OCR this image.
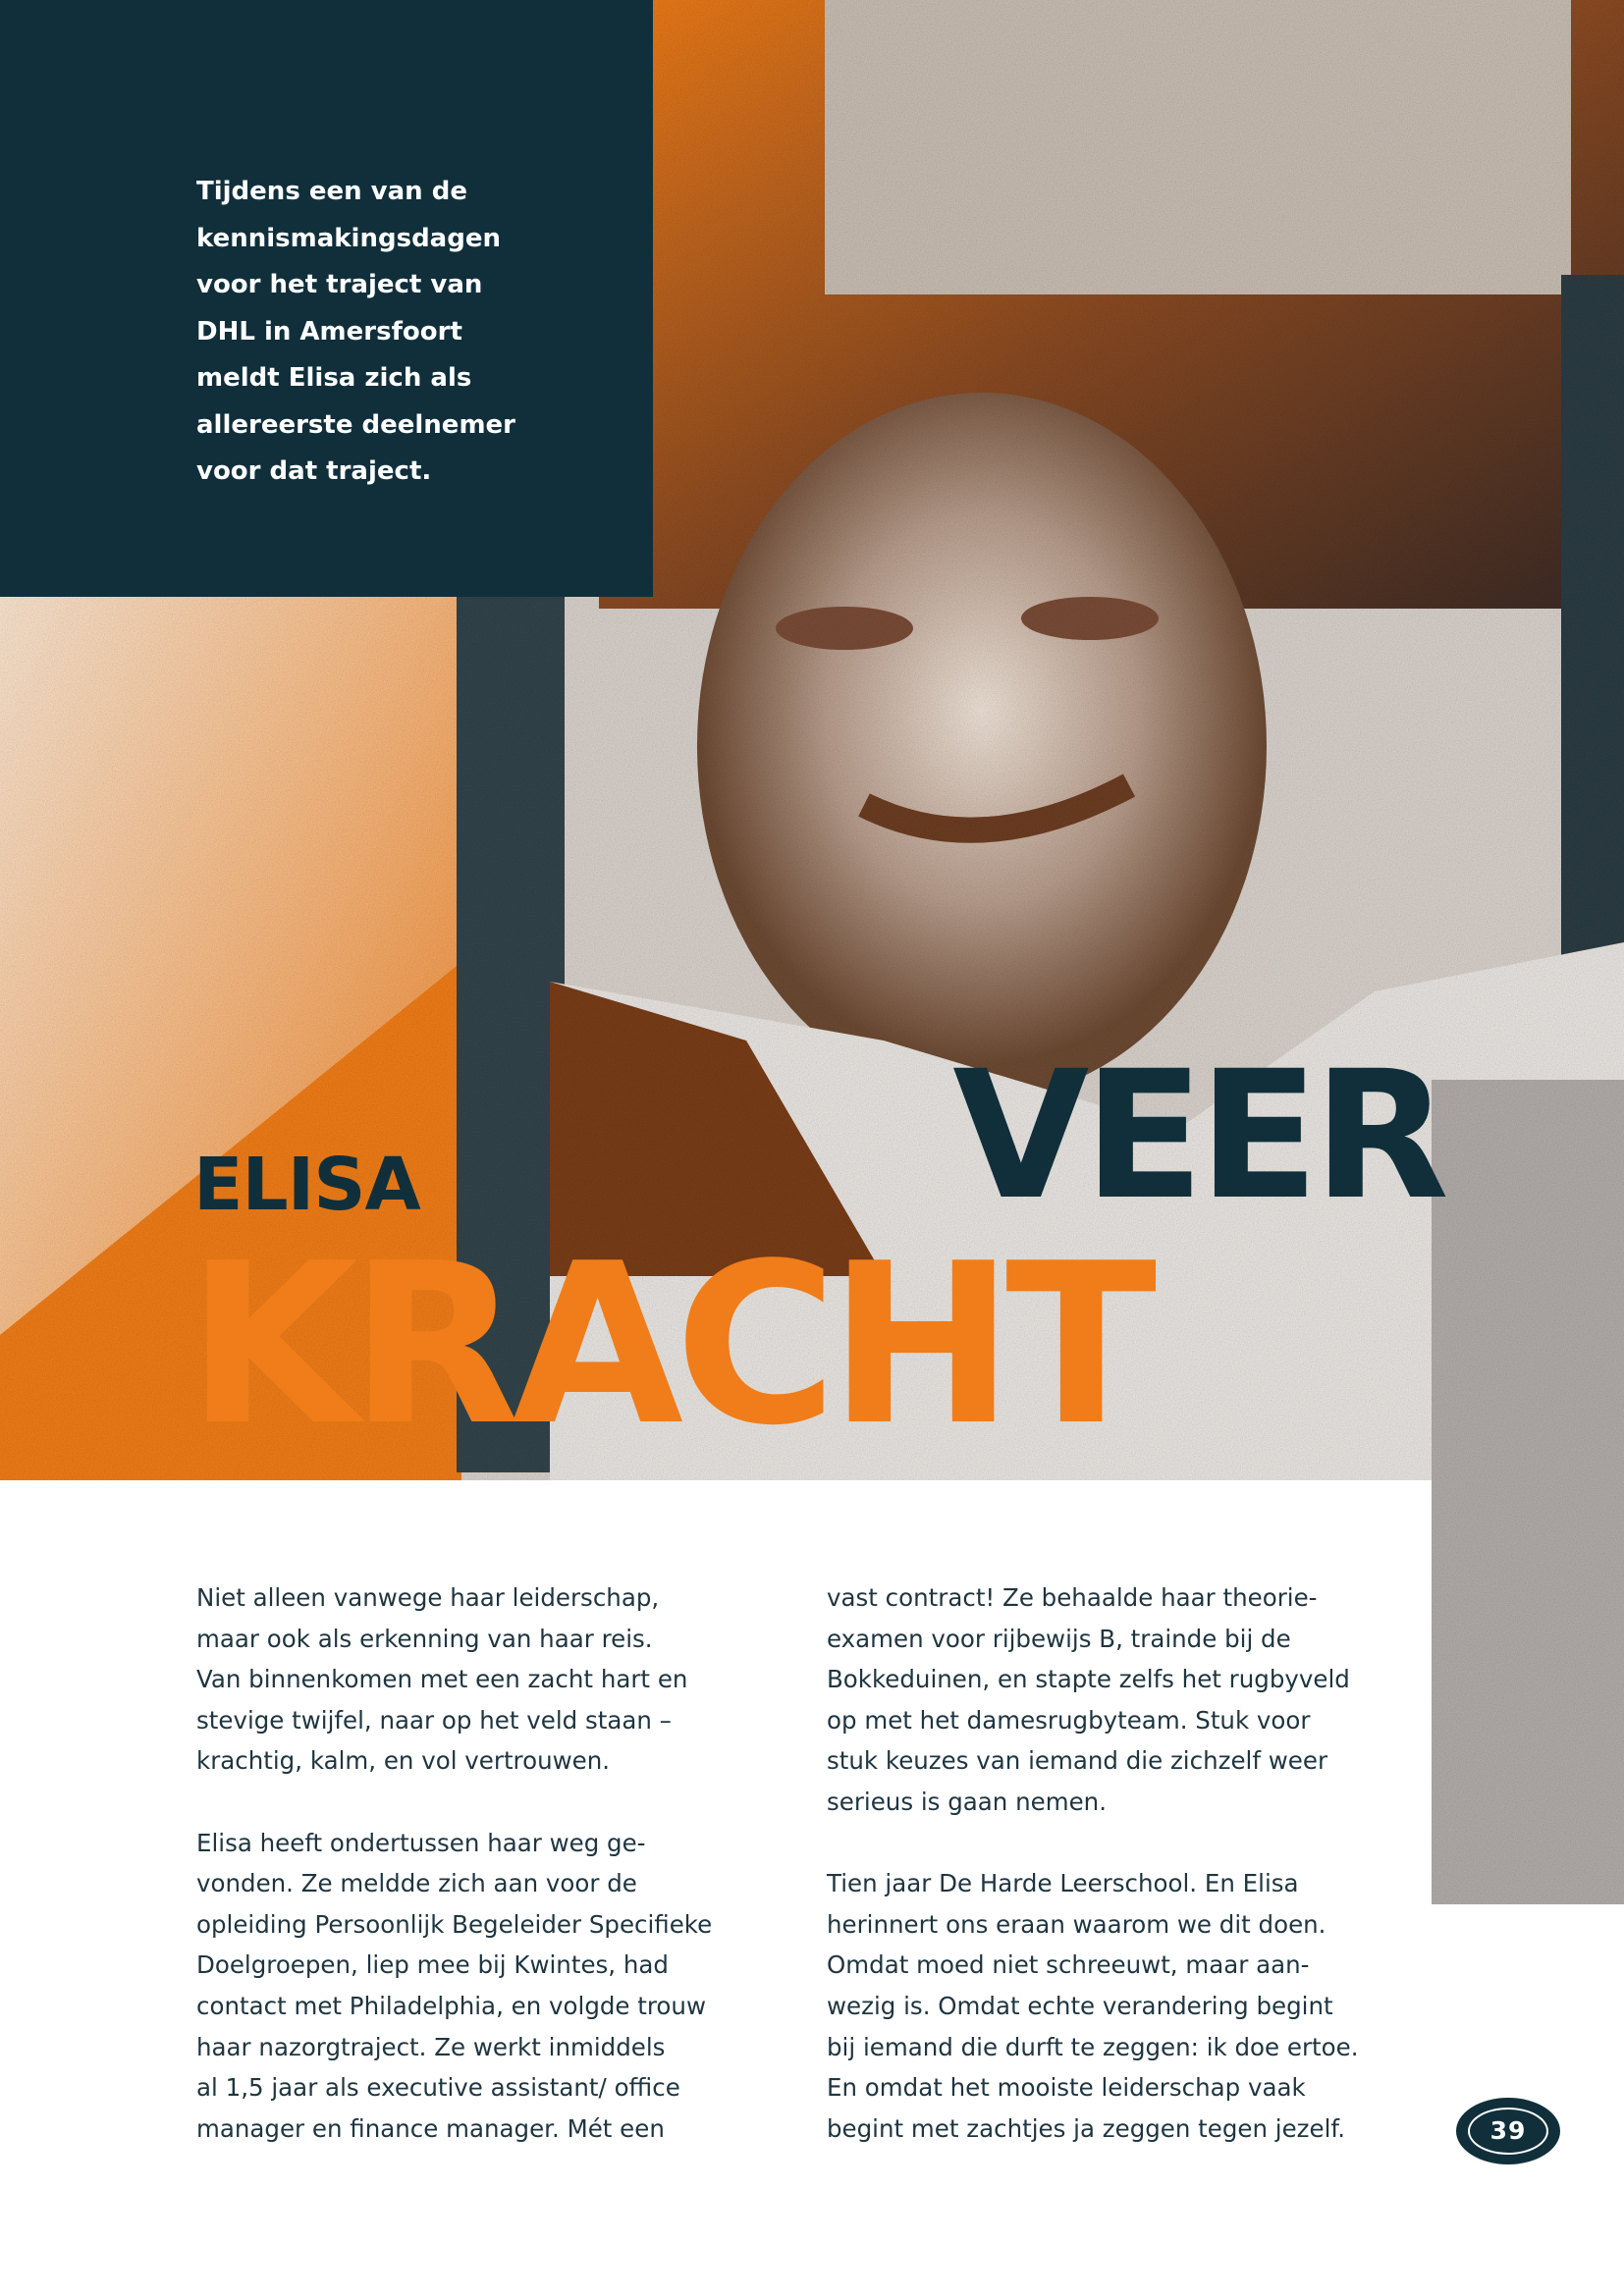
Tijdens een van de
kennismakingsdagen
voor het traject van
DHL in Amersfoort
meldt Elisa zich als
allereerste deelnemer
voor dat traject.

ELISA	VEER
KRACHT

Niet alleen vanwege haar leiderschap,
maar ook als erkenning van haar reis.
Van binnenkomen met een zacht hart en
stevige twijfel, naar op het veld staan –
krachtig, kalm, en vol vertrouwen.

Elisa heeft ondertussen haar weg ge-
vonden. Ze meldde zich aan voor de
opleiding Persoonlijk Begeleider Specifieke
Doelgroepen, liep mee bij Kwintes, had
contact met Philadelphia, en volgde trouw
haar nazorgtraject. Ze werkt inmiddels
al 1,5 jaar als executive assistant/ office
manager en finance manager. Mét een

vast contract! Ze behaalde haar theorie-
examen voor rijbewijs B, trainde bij de
Bokkeduinen, en stapte zelfs het rugbyveld
op met het damesrugbyteam. Stuk voor
stuk keuzes van iemand die zichzelf weer
serieus is gaan nemen.

Tien jaar De Harde Leerschool. En Elisa
herinnert ons eraan waarom we dit doen.
Omdat moed niet schreeuwt, maar aan-
wezig is. Omdat echte verandering begint
bij iemand die durft te zeggen: ik doe ertoe.
En omdat het mooiste leiderschap vaak
begint met zachtjes ja zeggen tegen jezelf.	39
